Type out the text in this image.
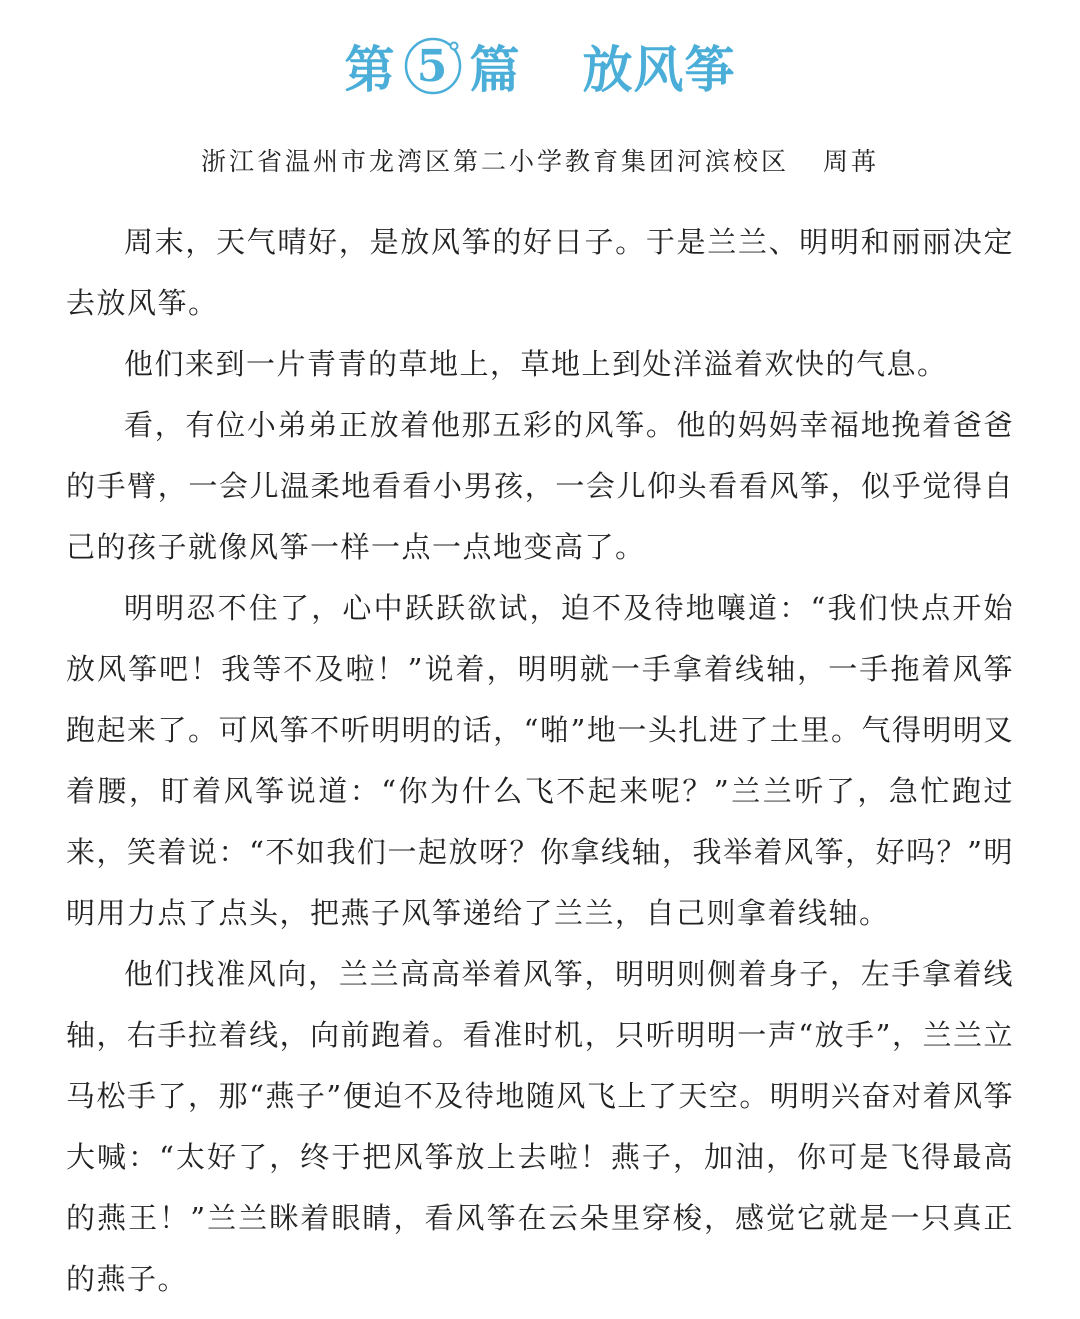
第 5 篇 放风筝
浙江省温州市龙湾区第二小学教育集团河滨校区 周苒

周末，天气晴好，是放风筝的好日子。于是兰兰、明明和丽丽决定去放风筝。

他们来到一片青青的草地上，草地上到处洋溢着欢快的气息。

看，有位小弟弟正放着他那五彩的风筝。他的妈妈幸福地挽着爸爸的手臂，一会儿温柔地看看小男孩，一会儿仰头看看风筝，似乎觉得自己的孩子就像风筝一样一点一点地变高了。

明明忍不住了，心中跃跃欲试，迫不及待地嚷道：“我们快点开始放风筝吧！我等不及啦！”说着，明明就一手拿着线轴，一手拖着风筝跑起来了。可风筝不听明明的话，“啪”地一头扎进了土里。气得明明叉着腰，盯着风筝说道：“你为什么飞不起来呢？”兰兰听了，急忙跑过来，笑着说：“不如我们一起放呀？你拿线轴，我举着风筝，好吗？”明明用力点了点头，把燕子风筝递给了兰兰，自己则拿着线轴。

他们找准风向，兰兰高高举着风筝，明明则侧着身子，左手拿着线轴，右手拉着线，向前跑着。看准时机，只听明明一声“放手”，兰兰立马松手了，那“燕子”便迫不及待地随风飞上了天空。明明兴奋对着风筝大喊：“太好了，终于把风筝放上去啦！燕子，加油，你可是飞得最高的燕王！”兰兰眯着眼睛，看风筝在云朵里穿梭，感觉它就是一只真正的燕子。
